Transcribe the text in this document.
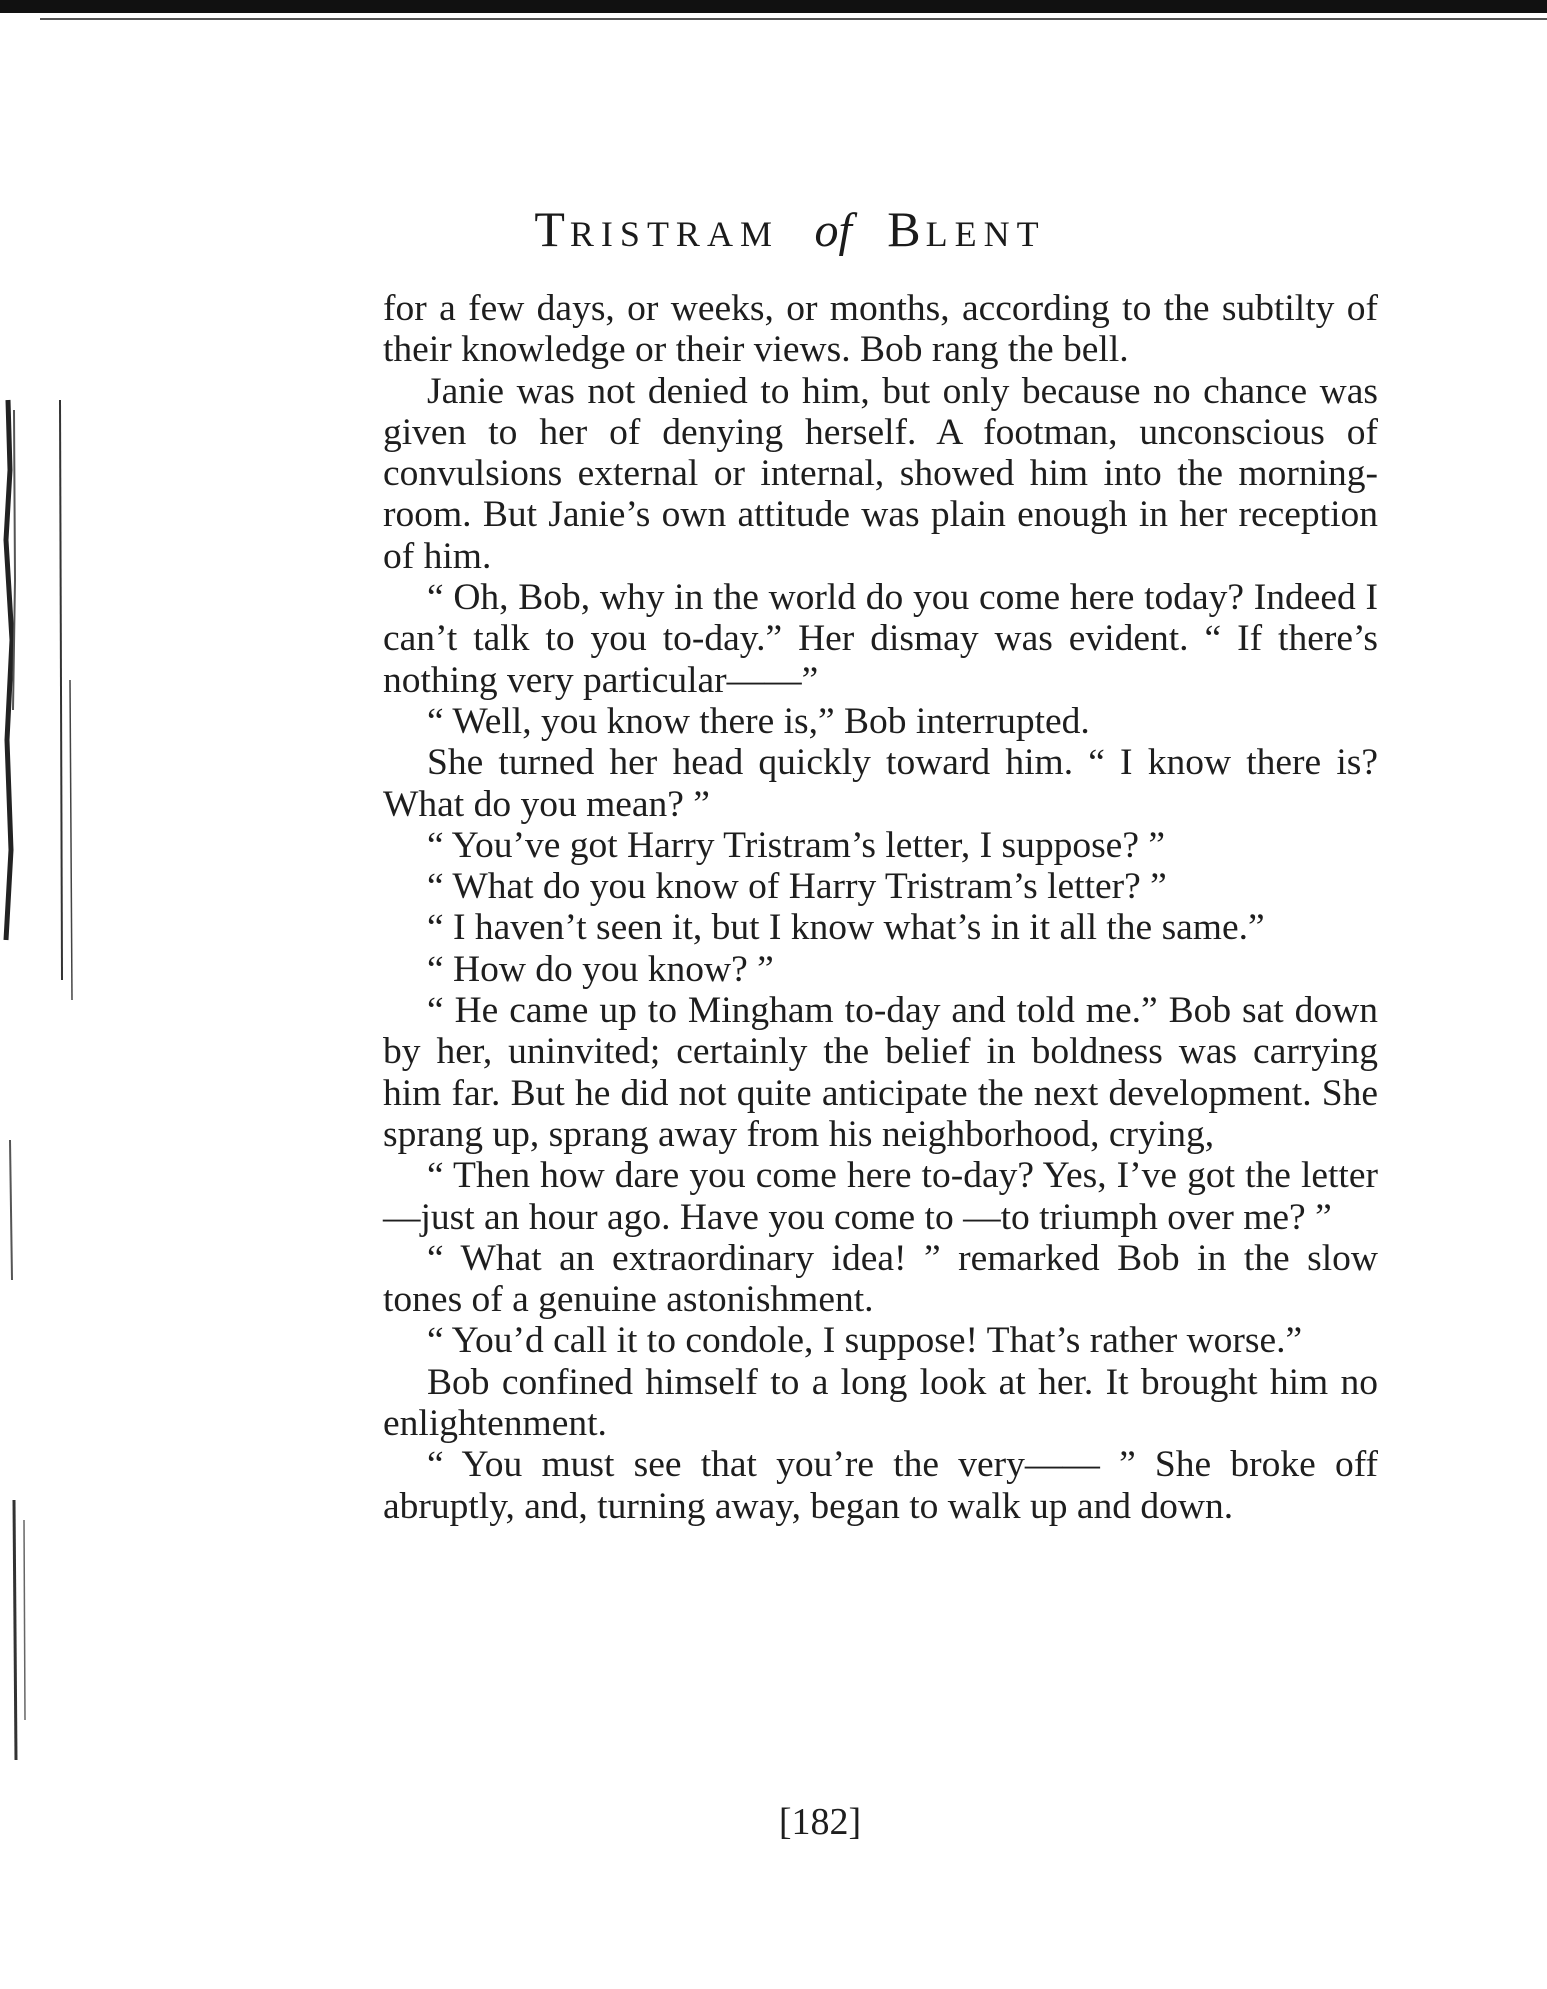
TRISTRAM of BLENT

for a few days, or weeks, or months, according to the subtilty of their knowledge or their views. Bob rang the bell.

Janie was not denied to him, but only because no chance was given to her of denying herself. A footman, unconscious of convulsions external or internal, showed him into the morning-room. But Janie’s own attitude was plain enough in her reception of him.

“ Oh, Bob, why in the world do you come here today? Indeed I can’t talk to you to-day.” Her dismay was evident. “ If there’s nothing very particular——”

“ Well, you know there is,” Bob interrupted.

She turned her head quickly toward him. “ I know there is? What do you mean? ”

“ You’ve got Harry Tristram’s letter, I suppose? ”

“ What do you know of Harry Tristram’s letter? ”

“ I haven’t seen it, but I know what’s in it all the same.”

“ How do you know? ”

“ He came up to Mingham to-day and told me.” Bob sat down by her, uninvited; certainly the belief in boldness was carrying him far. But he did not quite anticipate the next development. She sprang up, sprang away from his neighborhood, crying,

“ Then how dare you come here to-day? Yes, I’ve got the letter—just an hour ago. Have you come to —to triumph over me? ”

“ What an extraordinary idea! ” remarked Bob in the slow tones of a genuine astonishment.

“ You’d call it to condole, I suppose! That’s rather worse.”

Bob confined himself to a long look at her. It brought him no enlightenment.

“ You must see that you’re the very—— ” She broke off abruptly, and, turning away, began to walk up and down.

[182]
